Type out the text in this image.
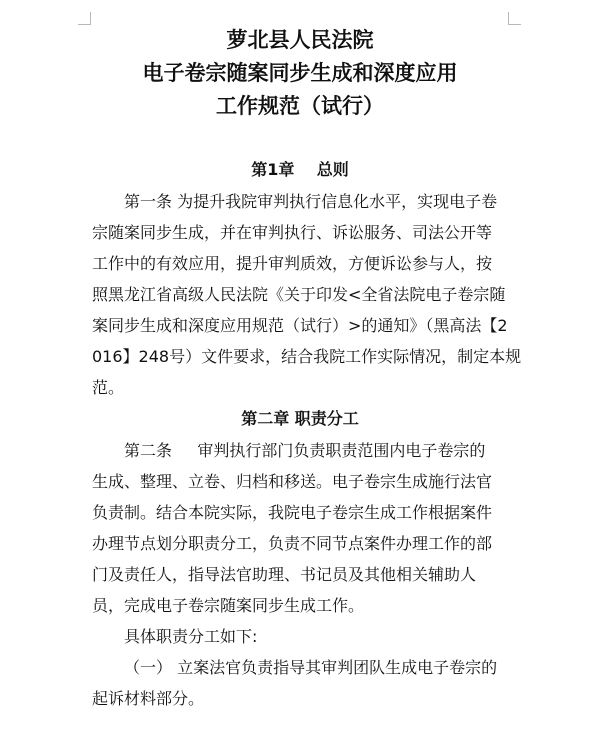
萝北县人民法院
电子卷宗随案同步生成和深度应用
工作规范（试行）
第1章    总则
第一条 为提升我院审判执行信息化水平，实现电子卷
宗随案同步生成，并在审判执行、诉讼服务、司法公开等
工作中的有效应用，提升审判质效，方便诉讼参与人，按
照黑龙江省高级人民法院《关于印发<全省法院电子卷宗随
案同步生成和深度应用规范（试行）>的通知》（黑高法【2
016】248号）文件要求，结合我院工作实际情况，制定本规
范。
第二章 职责分工
第二条     审判执行部门负责职责范围内电子卷宗的
生成、整理、立卷、归档和移送。电子卷宗生成施行法官
负责制。结合本院实际，我院电子卷宗生成工作根据案件
办理节点划分职责分工，负责不同节点案件办理工作的部
门及责任人，指导法官助理、书记员及其他相关辅助人
员，完成电子卷宗随案同步生成工作。
具体职责分工如下:
（一） 立案法官负责指导其审判团队生成电子卷宗的
起诉材料部分。
